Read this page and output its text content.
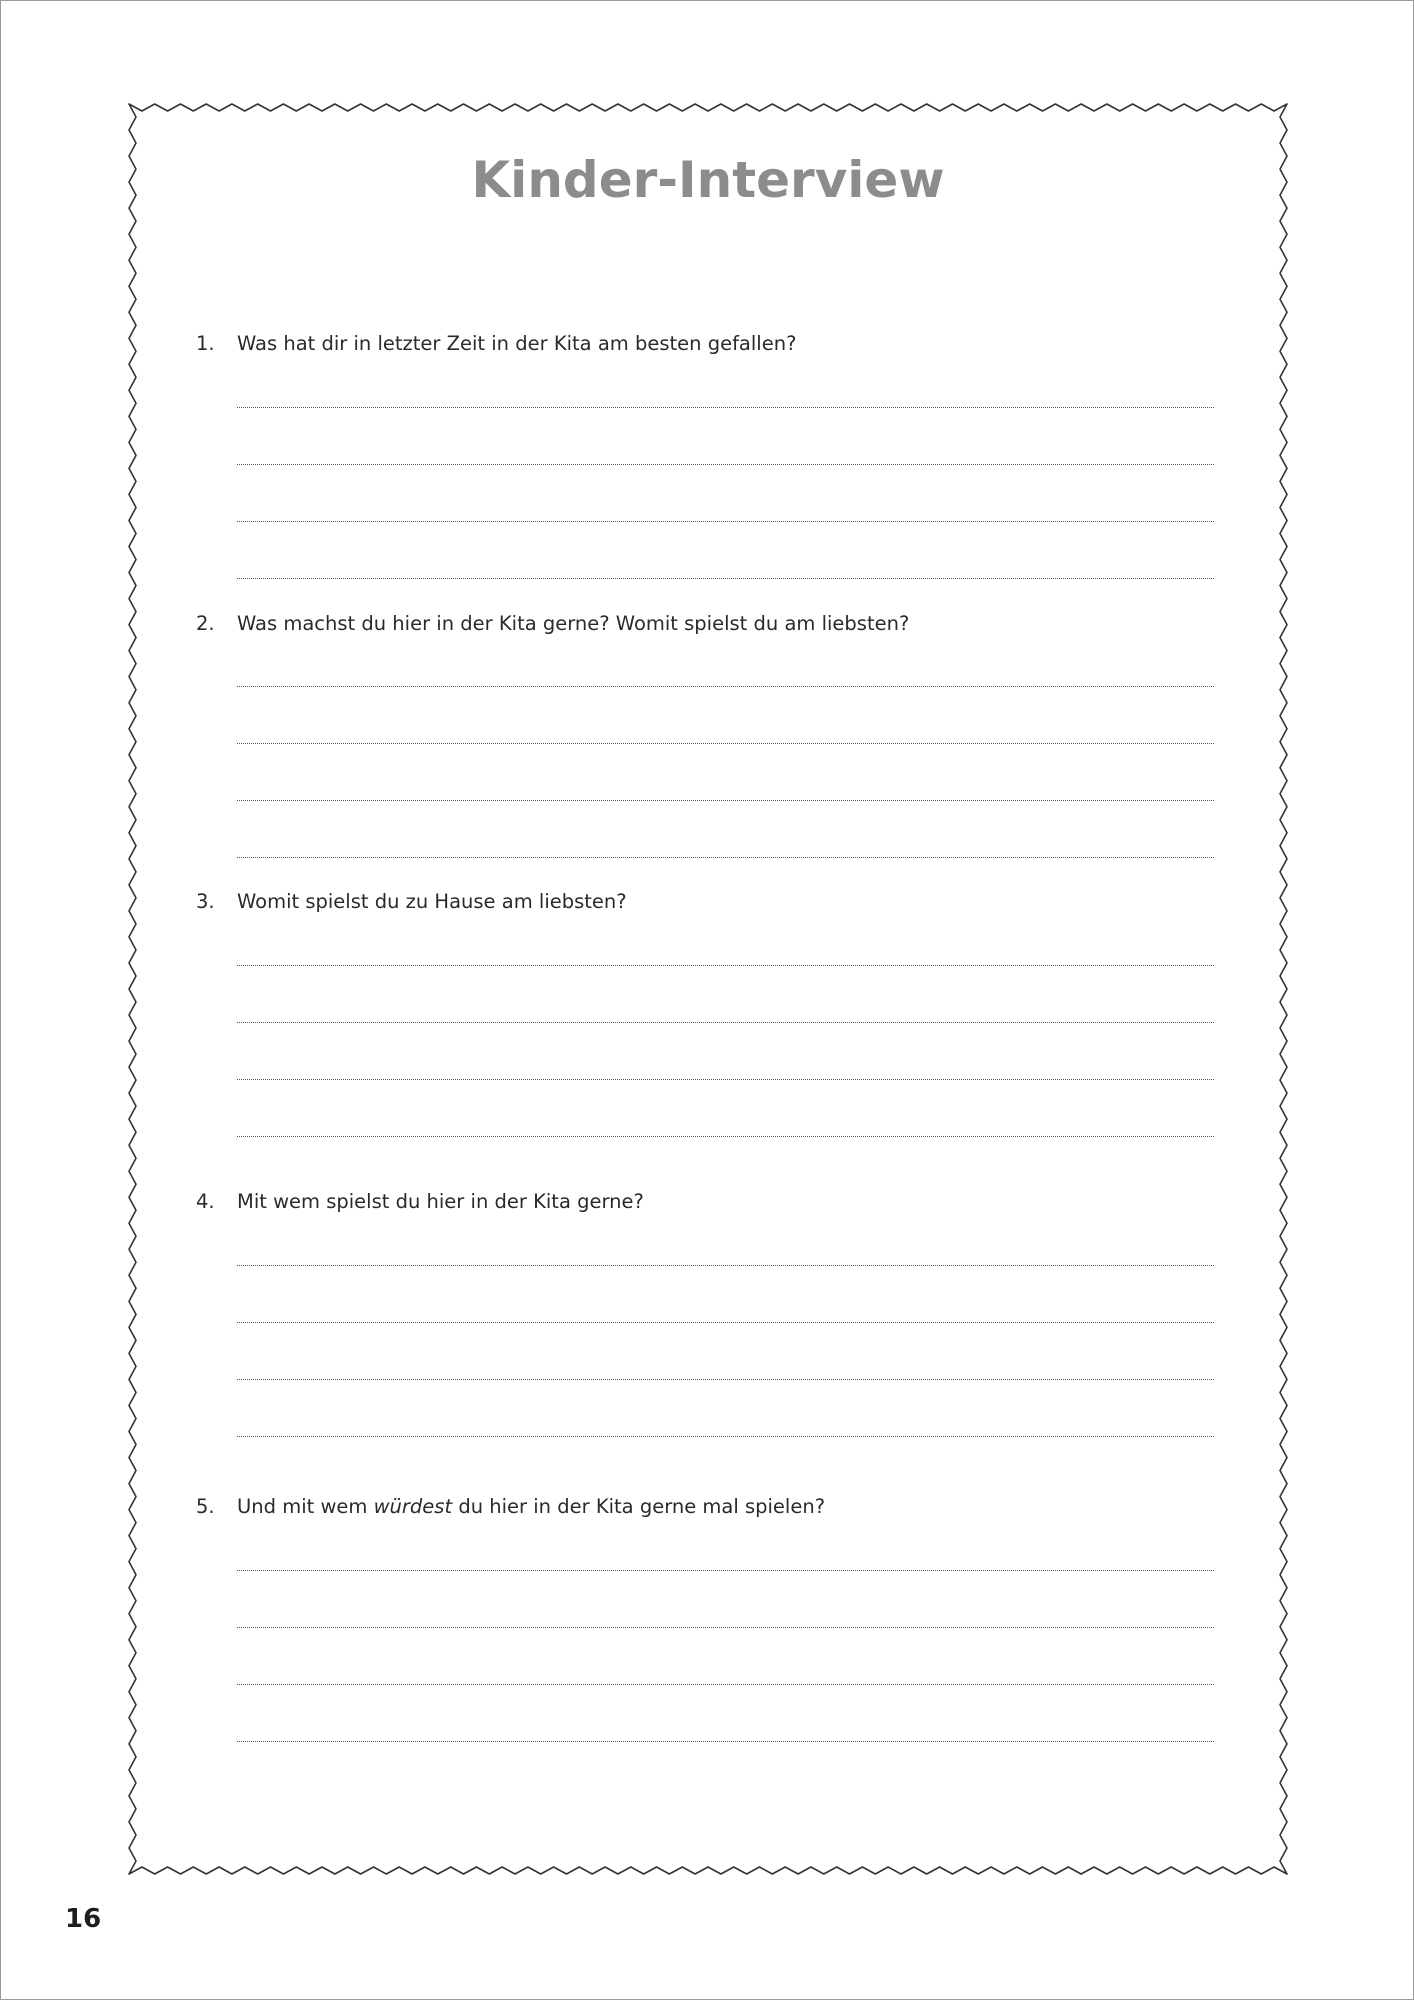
Kinder-Interview
1.	Was hat dir in letzter Zeit in der Kita am besten gefallen?
2.	Was machst du hier in der Kita gerne? Womit spielst du am liebsten?
3.	Womit spielst du zu Hause am liebsten?
4.	Mit wem spielst du hier in der Kita gerne?
5.	Und mit wem würdest du hier in der Kita gerne mal spielen?
16
